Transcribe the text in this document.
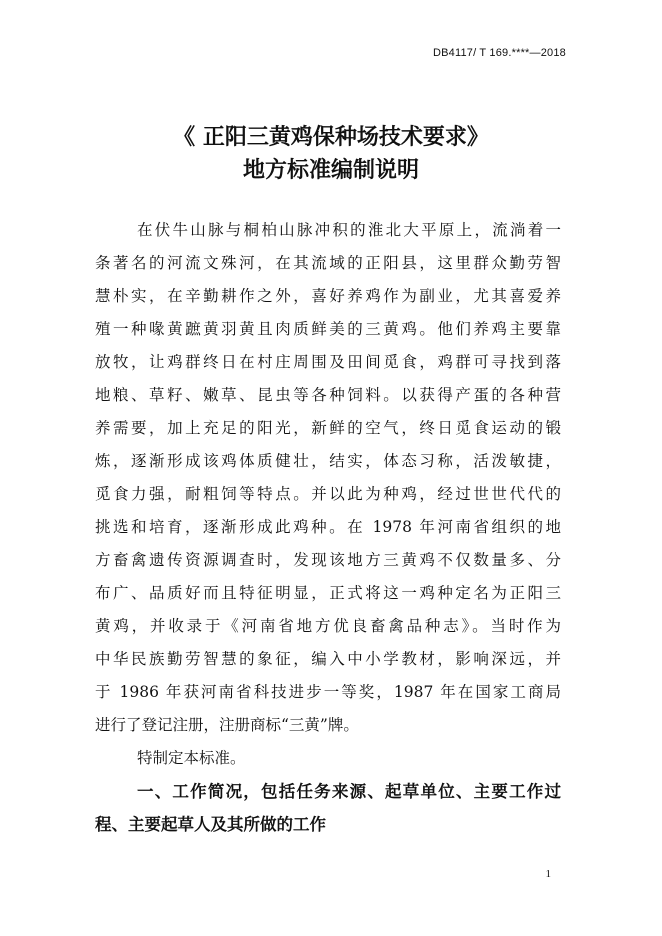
DB4117/ T 169.****—2018
《 正阳三黄鸡保种场技术要求》
地方标准编制说明
在伏牛山脉与桐柏山脉冲积的淮北大平原上，流淌着一
条著名的河流文殊河，在其流域的正阳县，这里群众勤劳智
慧朴实，在辛勤耕作之外，喜好养鸡作为副业，尤其喜爱养
殖一种喙黄蹠黄羽黄且肉质鲜美的三黄鸡。他们养鸡主要靠
放牧，让鸡群终日在村庄周围及田间觅食，鸡群可寻找到落
地粮、草籽、嫩草、昆虫等各种饲料。以获得产蛋的各种营
养需要，加上充足的阳光，新鲜的空气，终日觅食运动的锻
炼，逐渐形成该鸡体质健壮，结实，体态习称，活泼敏捷，
觅食力强，耐粗饲等特点。并以此为种鸡，经过世世代代的
挑选和培育，逐渐形成此鸡种。在 1978 年河南省组织的地
方畜禽遗传资源调查时，发现该地方三黄鸡不仅数量多、分
布广、品质好而且特征明显，正式将这一鸡种定名为正阳三
黄鸡，并收录于《河南省地方优良畜禽品种志》。当时作为
中华民族勤劳智慧的象征，编入中小学教材，影响深远，并
于 1986 年获河南省科技进步一等奖，1987 年在国家工商局
进行了登记注册，注册商标“三黄”牌。
特制定本标准。
一、工作简况，包括任务来源、起草单位、主要工作过
程、主要起草人及其所做的工作
1
